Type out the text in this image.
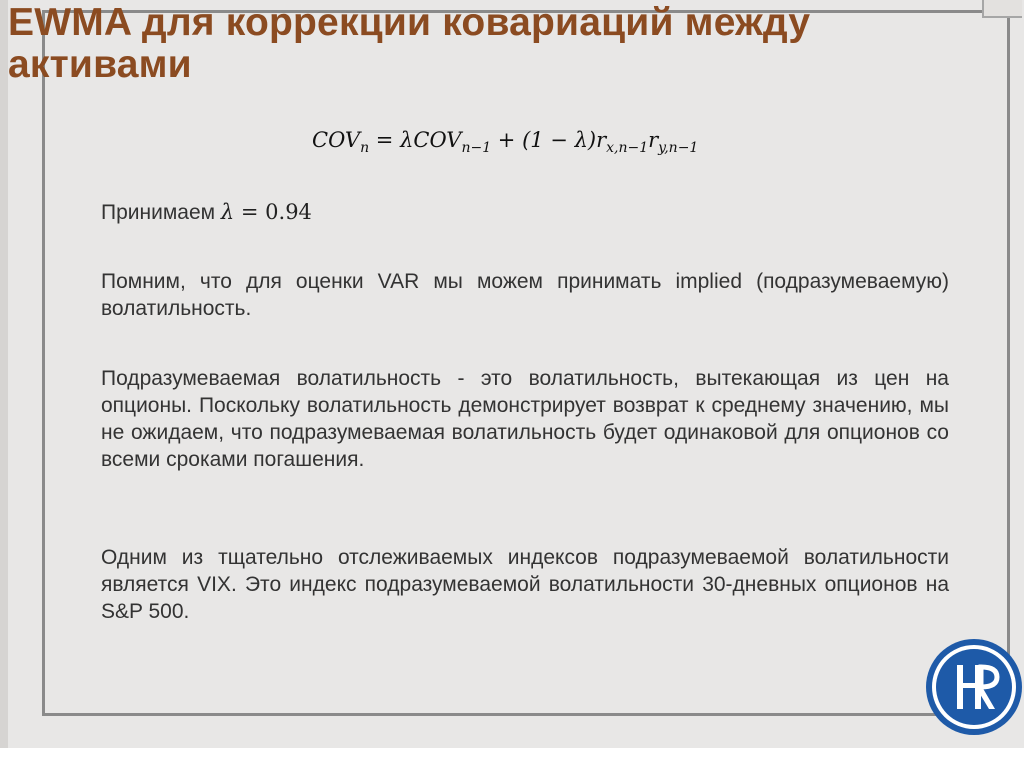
EWMA для коррекции ковариаций между активами
$COV_n = \lambda COV_{n-1} + (1 - \lambda)r_{x,n-1}r_{y,n-1}$

Принимаем λ = 0.94

Помним, что для оценки VAR мы можем принимать implied (подразумеваемую) волатильность.

Подразумеваемая волатильность - это волатильность, вытекающая из цен на опционы. Поскольку волатильность демонстрирует возврат к среднему значению, мы не ожидаем, что подразумеваемая волатильность будет одинаковой для опционов со всеми сроками погашения.

Одним из тщательно отслеживаемых индексов подразумеваемой волатильности является VIX. Это индекс подразумеваемой волатильности 30-дневных опционов на S&P 500.
